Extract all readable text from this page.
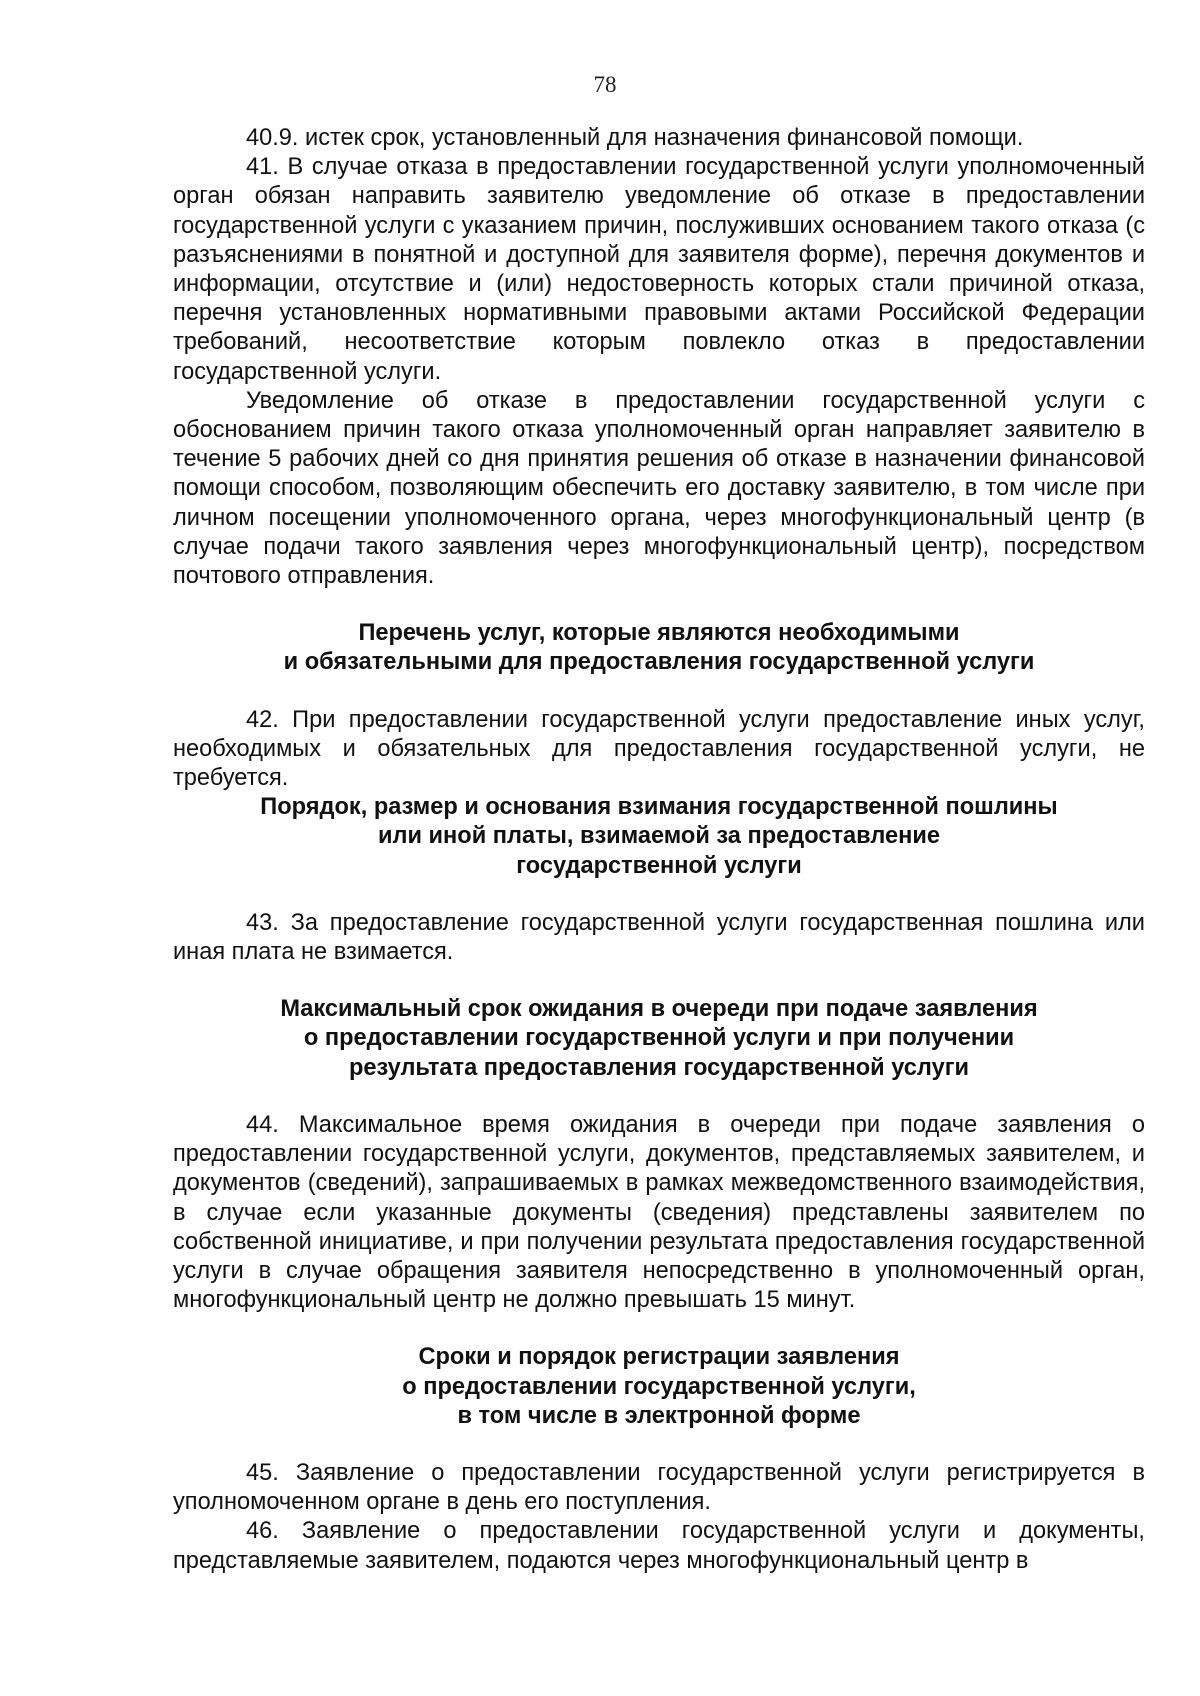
78

40.9. истек срок, установленный для назначения финансовой помощи.

41. В случае отказа в предоставлении государственной услуги уполномоченный орган обязан направить заявителю уведомление об отказе в предоставлении государственной услуги с указанием причин, послуживших основанием такого отказа (с разъяснениями в понятной и доступной для заявителя форме), перечня документов и информации, отсутствие и (или) недостоверность которых стали причиной отказа, перечня установленных нормативными правовыми актами Российской Федерации требований, несоответствие которым повлекло отказ в предоставлении государственной услуги.

Уведомление об отказе в предоставлении государственной услуги с обоснованием причин такого отказа уполномоченный орган направляет заявителю в течение 5 рабочих дней со дня принятия решения об отказе в назначении финансовой помощи способом, позволяющим обеспечить его доставку заявителю, в том числе при личном посещении уполномоченного органа, через многофункциональный центр (в случае подачи такого заявления через многофункциональный центр), посредством почтового отправления.

Перечень услуг, которые являются необходимыми
и обязательными для предоставления государственной услуги

42. При предоставлении государственной услуги предоставление иных услуг, необходимых и обязательных для предоставления государственной услуги, не требуется.

Порядок, размер и основания взимания государственной пошлины
или иной платы, взимаемой за предоставление
государственной услуги

43. За предоставление государственной услуги государственная пошлина или иная плата не взимается.

Максимальный срок ожидания в очереди при подаче заявления
о предоставлении государственной услуги и при получении
результата предоставления государственной услуги

44. Максимальное время ожидания в очереди при подаче заявления о предоставлении государственной услуги, документов, представляемых заявителем, и документов (сведений), запрашиваемых в рамках межведомственного взаимодействия, в случае если указанные документы (сведения) представлены заявителем по собственной инициативе, и при получении результата предоставления государственной услуги в случае обращения заявителя непосредственно в уполномоченный орган, многофункциональный центр не должно превышать 15 минут.

Сроки и порядок регистрации заявления
о предоставлении государственной услуги,
в том числе в электронной форме

45. Заявление о предоставлении государственной услуги регистрируется в уполномоченном органе в день его поступления.

46. Заявление о предоставлении государственной услуги и документы, представляемые заявителем, подаются через многофункциональный центр в
